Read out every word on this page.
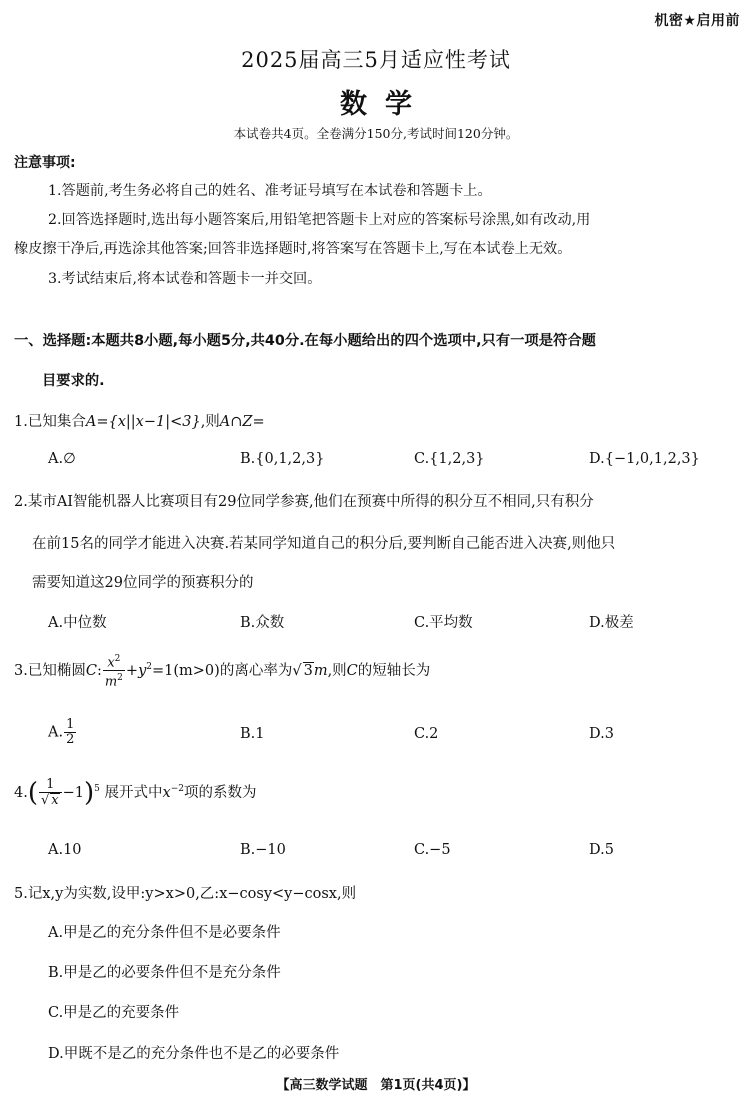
机密★启用前
2025届高三5月适应性考试
数学
本试卷共4页。全卷满分150分,考试时间120分钟。
注意事项:
1.答题前,考生务必将自己的姓名、准考证号填写在本试卷和答题卡上。
2.回答选择题时,选出每小题答案后,用铅笔把答题卡上对应的答案标号涂黑,如有改动,用
橡皮擦干净后,再选涂其他答案;回答非选择题时,将答案写在答题卡上,写在本试卷上无效。
3.考试结束后,将本试卷和答题卡一并交回。
一、选择题:本题共8小题,每小题5分,共40分.在每小题给出的四个选项中,只有一项是符合题
目要求的.
1.已知集合A={x||x−1|<3},则A∩Z=
A.∅	B.{0,1,2,3}	C.{1,2,3}	D.{−1,0,1,2,3}
2.某市AI智能机器人比赛项目有29位同学参赛,他们在预赛中所得的积分互不相同,只有积分
在前15名的同学才能进入决赛.若某同学知道自己的积分后,要判断自己能否进入决赛,则他只
需要知道这29位同学的预赛积分的
A.中位数	B.众数	C.平均数	D.极差
3.已知椭圆C: $\frac{x^2}{m^2} +y^2=1(m>0)$的离心率为√ 3m,则C的短轴长为
A. $\frac{1}{2}$	B.1	C.2	D.3
$4.( \frac{1}{√ x} -1)^5$ 展开式中$x^{-2}$项的系数为
A.10	B.−10	C.−5	D.5
5.记x,y为实数,设甲:y>x>0,乙:x−cosy<y−cosx,则
A.甲是乙的充分条件但不是必要条件
B.甲是乙的必要条件但不是充分条件
C.甲是乙的充要条件
D.甲既不是乙的充分条件也不是乙的必要条件
【高三数学试题　第1页(共4页)】
